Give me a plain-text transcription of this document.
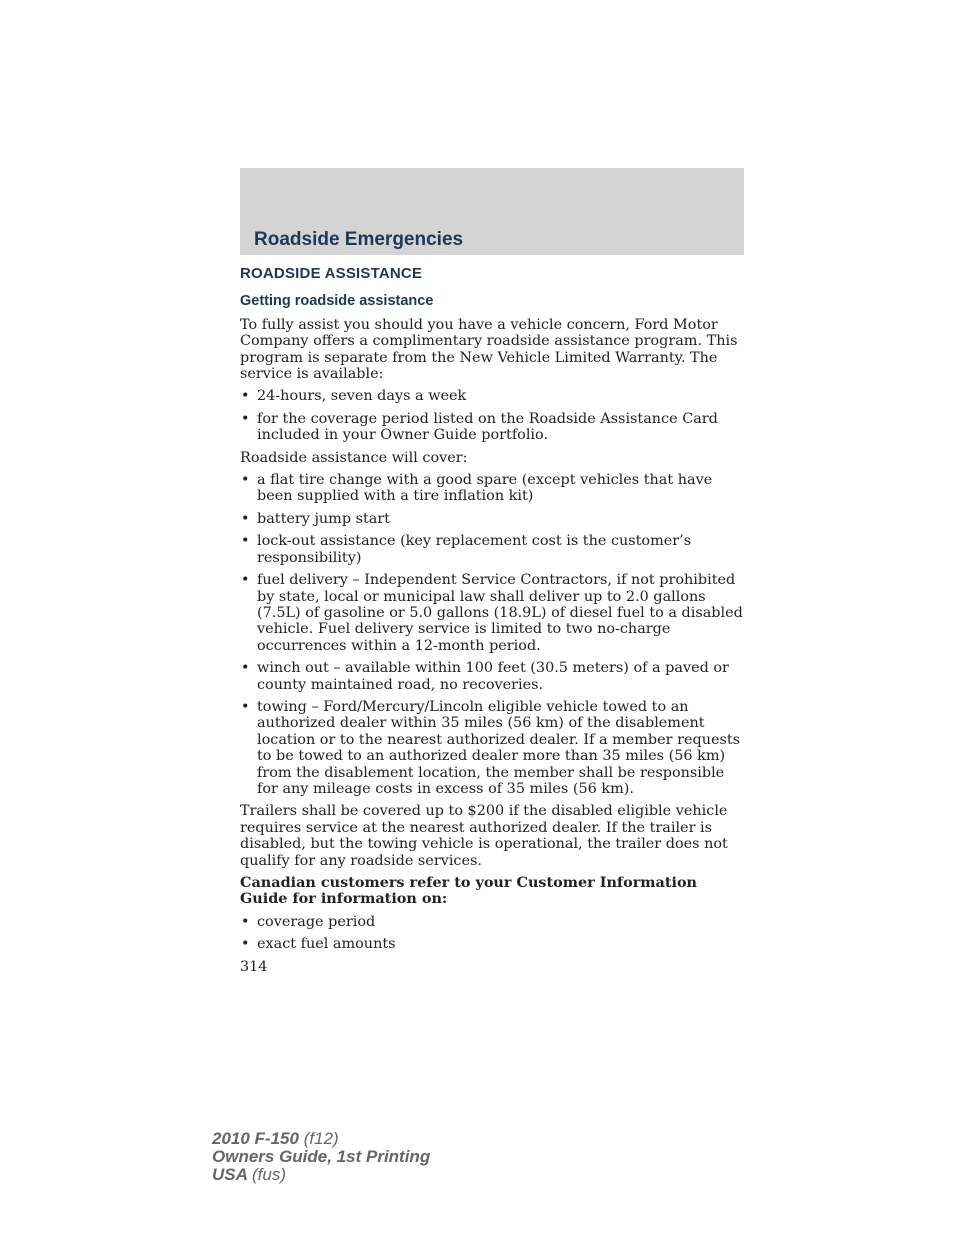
Roadside Emergencies
ROADSIDE ASSISTANCE
Getting roadside assistance

To fully assist you should you have a vehicle concern, Ford Motor Company offers a complimentary roadside assistance program. This program is separate from the New Vehicle Limited Warranty. The service is available:

• 24-hours, seven days a week
• for the coverage period listed on the Roadside Assistance Card included in your Owner Guide portfolio.

Roadside assistance will cover:

• a flat tire change with a good spare (except vehicles that have been supplied with a tire inflation kit)
• battery jump start
• lock-out assistance (key replacement cost is the customer’s responsibility)
• fuel delivery – Independent Service Contractors, if not prohibited by state, local or municipal law shall deliver up to 2.0 gallons (7.5L) of gasoline or 5.0 gallons (18.9L) of diesel fuel to a disabled vehicle. Fuel delivery service is limited to two no-charge occurrences within a 12-month period.
• winch out – available within 100 feet (30.5 meters) of a paved or county maintained road, no recoveries.
• towing – Ford/Mercury/Lincoln eligible vehicle towed to an authorized dealer within 35 miles (56 km) of the disablement location or to the nearest authorized dealer. If a member requests to be towed to an authorized dealer more than 35 miles (56 km) from the disablement location, the member shall be responsible for any mileage costs in excess of 35 miles (56 km).

Trailers shall be covered up to $200 if the disabled eligible vehicle requires service at the nearest authorized dealer. If the trailer is disabled, but the towing vehicle is operational, the trailer does not qualify for any roadside services.

Canadian customers refer to your Customer Information Guide for information on:

• coverage period
• exact fuel amounts
314
2010 F-150 (f12)
Owners Guide, 1st Printing
USA (fus)
